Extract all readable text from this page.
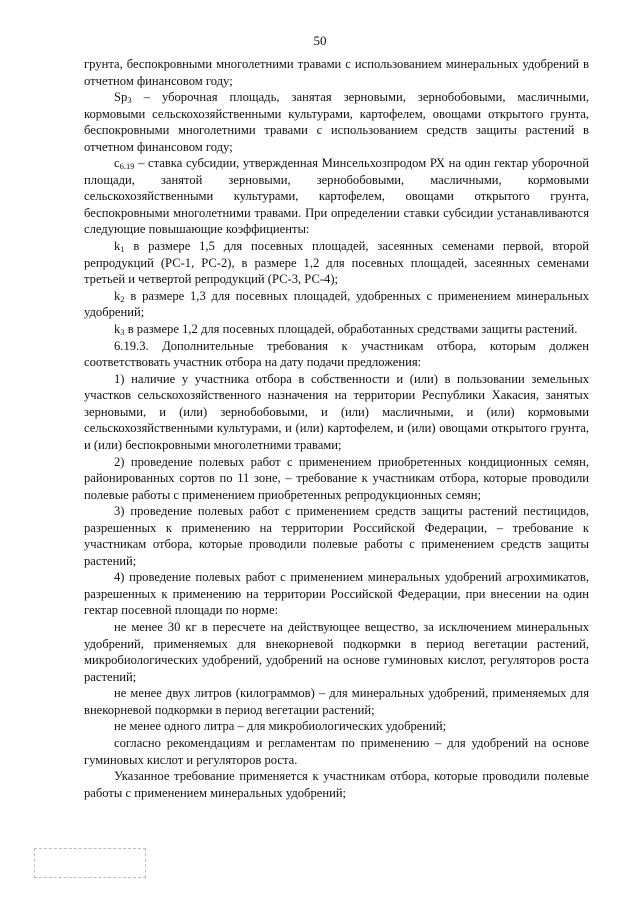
50

грунта, беспокровными многолетними травами с использованием минеральных удобрений в отчетном финансовом году;

$Sp_3$ – уборочная площадь, занятая зерновыми, зернобобовыми, масличными, кормовыми сельскохозяйственными культурами, картофелем, овощами открытого грунта, беспокровными многолетними травами с использованием средств защиты растений в отчетном финансовом году;

$c_{6.19}$ – ставка субсидии, утвержденная Минсельхозпродом РХ на один гектар уборочной площади, занятой зерновыми, зернобобовыми, масличными, кормовыми сельскохозяйственными культурами, картофелем, овощами открытого грунта, беспокровными многолетними травами. При определении ставки субсидии устанавливаются следующие повышающие коэффициенты:

$k_1$ в размере 1,5 для посевных площадей, засеянных семенами первой, второй репродукций (РС-1, РС-2), в размере 1,2 для посевных площадей, засеянных семенами третьей и четвертой репродукций (РС-3, РС-4);

$k_2$ в размере 1,3 для посевных площадей, удобренных с применением минеральных удобрений;

$k_3$ в размере 1,2 для посевных площадей, обработанных средствами защиты растений.

6.19.3. Дополнительные требования к участникам отбора, которым должен соответствовать участник отбора на дату подачи предложения:

1) наличие у участника отбора в собственности и (или) в пользовании земельных участков сельскохозяйственного назначения на территории Республики Хакасия, занятых зерновыми, и (или) зернобобовыми, и (или) масличными, и (или) кормовыми сельскохозяйственными культурами, и (или) картофелем, и (или) овощами открытого грунта, и (или) беспокровными многолетними травами;

2) проведение полевых работ с применением приобретенных кондиционных семян, районированных сортов по 11 зоне, – требование к участникам отбора, которые проводили полевые работы с применением приобретенных репродукционных семян;

3) проведение полевых работ с применением средств защиты растений пестицидов, разрешенных к применению на территории Российской Федерации, – требование к участникам отбора, которые проводили полевые работы с применением средств защиты растений;

4) проведение полевых работ с применением минеральных удобрений агрохимикатов, разрешенных к применению на территории Российской Федерации, при внесении на один гектар посевной площади по норме:

не менее 30 кг в пересчете на действующее вещество, за исключением минеральных удобрений, применяемых для внекорневой подкормки в период вегетации растений, микробиологических удобрений, удобрений на основе гуминовых кислот, регуляторов роста растений;

не менее двух литров (килограммов) – для минеральных удобрений, применяемых для внекорневой подкормки в период вегетации растений;

не менее одного литра – для микробиологических удобрений;

согласно рекомендациям и регламентам по применению – для удобрений на основе гуминовых кислот и регуляторов роста.

Указанное требование применяется к участникам отбора, которые проводили полевые работы с применением минеральных удобрений;
